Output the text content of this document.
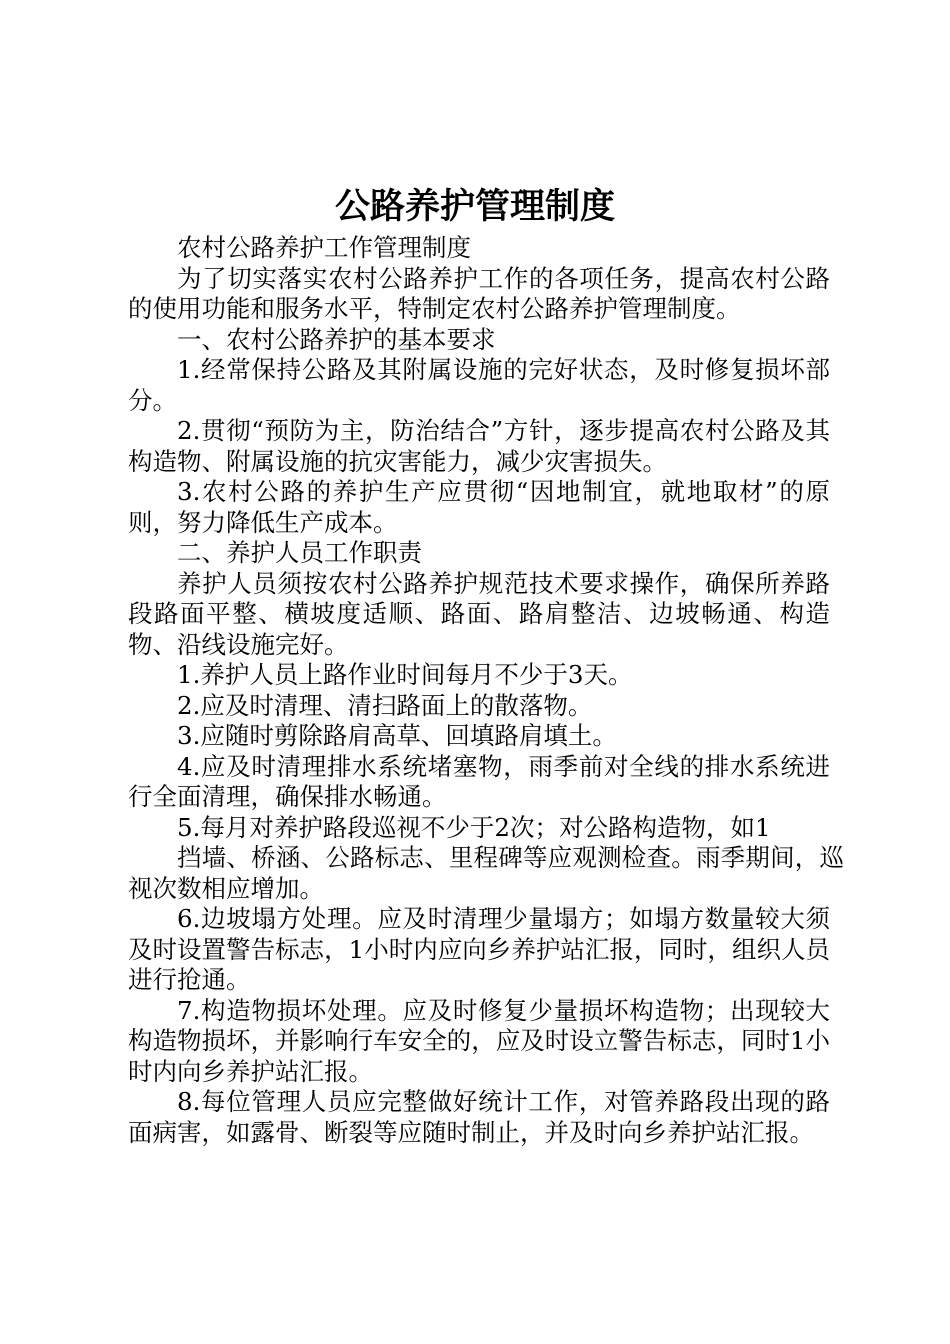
公路养护管理制度

农村公路养护工作管理制度

为了切实落实农村公路养护工作的各项任务，提高农村公路的使用功能和服务水平，特制定农村公路养护管理制度。

一、农村公路养护的基本要求

1.经常保持公路及其附属设施的完好状态，及时修复损坏部分。

2.贯彻“预防为主，防治结合”方针，逐步提高农村公路及其构造物、附属设施的抗灾害能力，减少灾害损失。

3.农村公路的养护生产应贯彻“因地制宜，就地取材”的原则，努力降低生产成本。

二、养护人员工作职责

养护人员须按农村公路养护规范技术要求操作，确保所养路段路面平整、横坡度适顺、路面、路肩整洁、边坡畅通、构造物、沿线设施完好。

1.养护人员上路作业时间每月不少于3天。

2.应及时清理、清扫路面上的散落物。

3.应随时剪除路肩高草、回填路肩填土。

4.应及时清理排水系统堵塞物，雨季前对全线的排水系统进行全面清理，确保排水畅通。

5.每月对养护路段巡视不少于2次；对公路构造物，如1

挡墙、桥涵、公路标志、里程碑等应观测检查。雨季期间，巡视次数相应增加。

6.边坡塌方处理。应及时清理少量塌方；如塌方数量较大须及时设置警告标志，1小时内应向乡养护站汇报，同时，组织人员进行抢通。

7.构造物损坏处理。应及时修复少量损坏构造物；出现较大构造物损坏，并影响行车安全的，应及时设立警告标志，同时1小时内向乡养护站汇报。

8.每位管理人员应完整做好统计工作，对管养路段出现的路面病害，如露骨、断裂等应随时制止，并及时向乡养护站汇报。
